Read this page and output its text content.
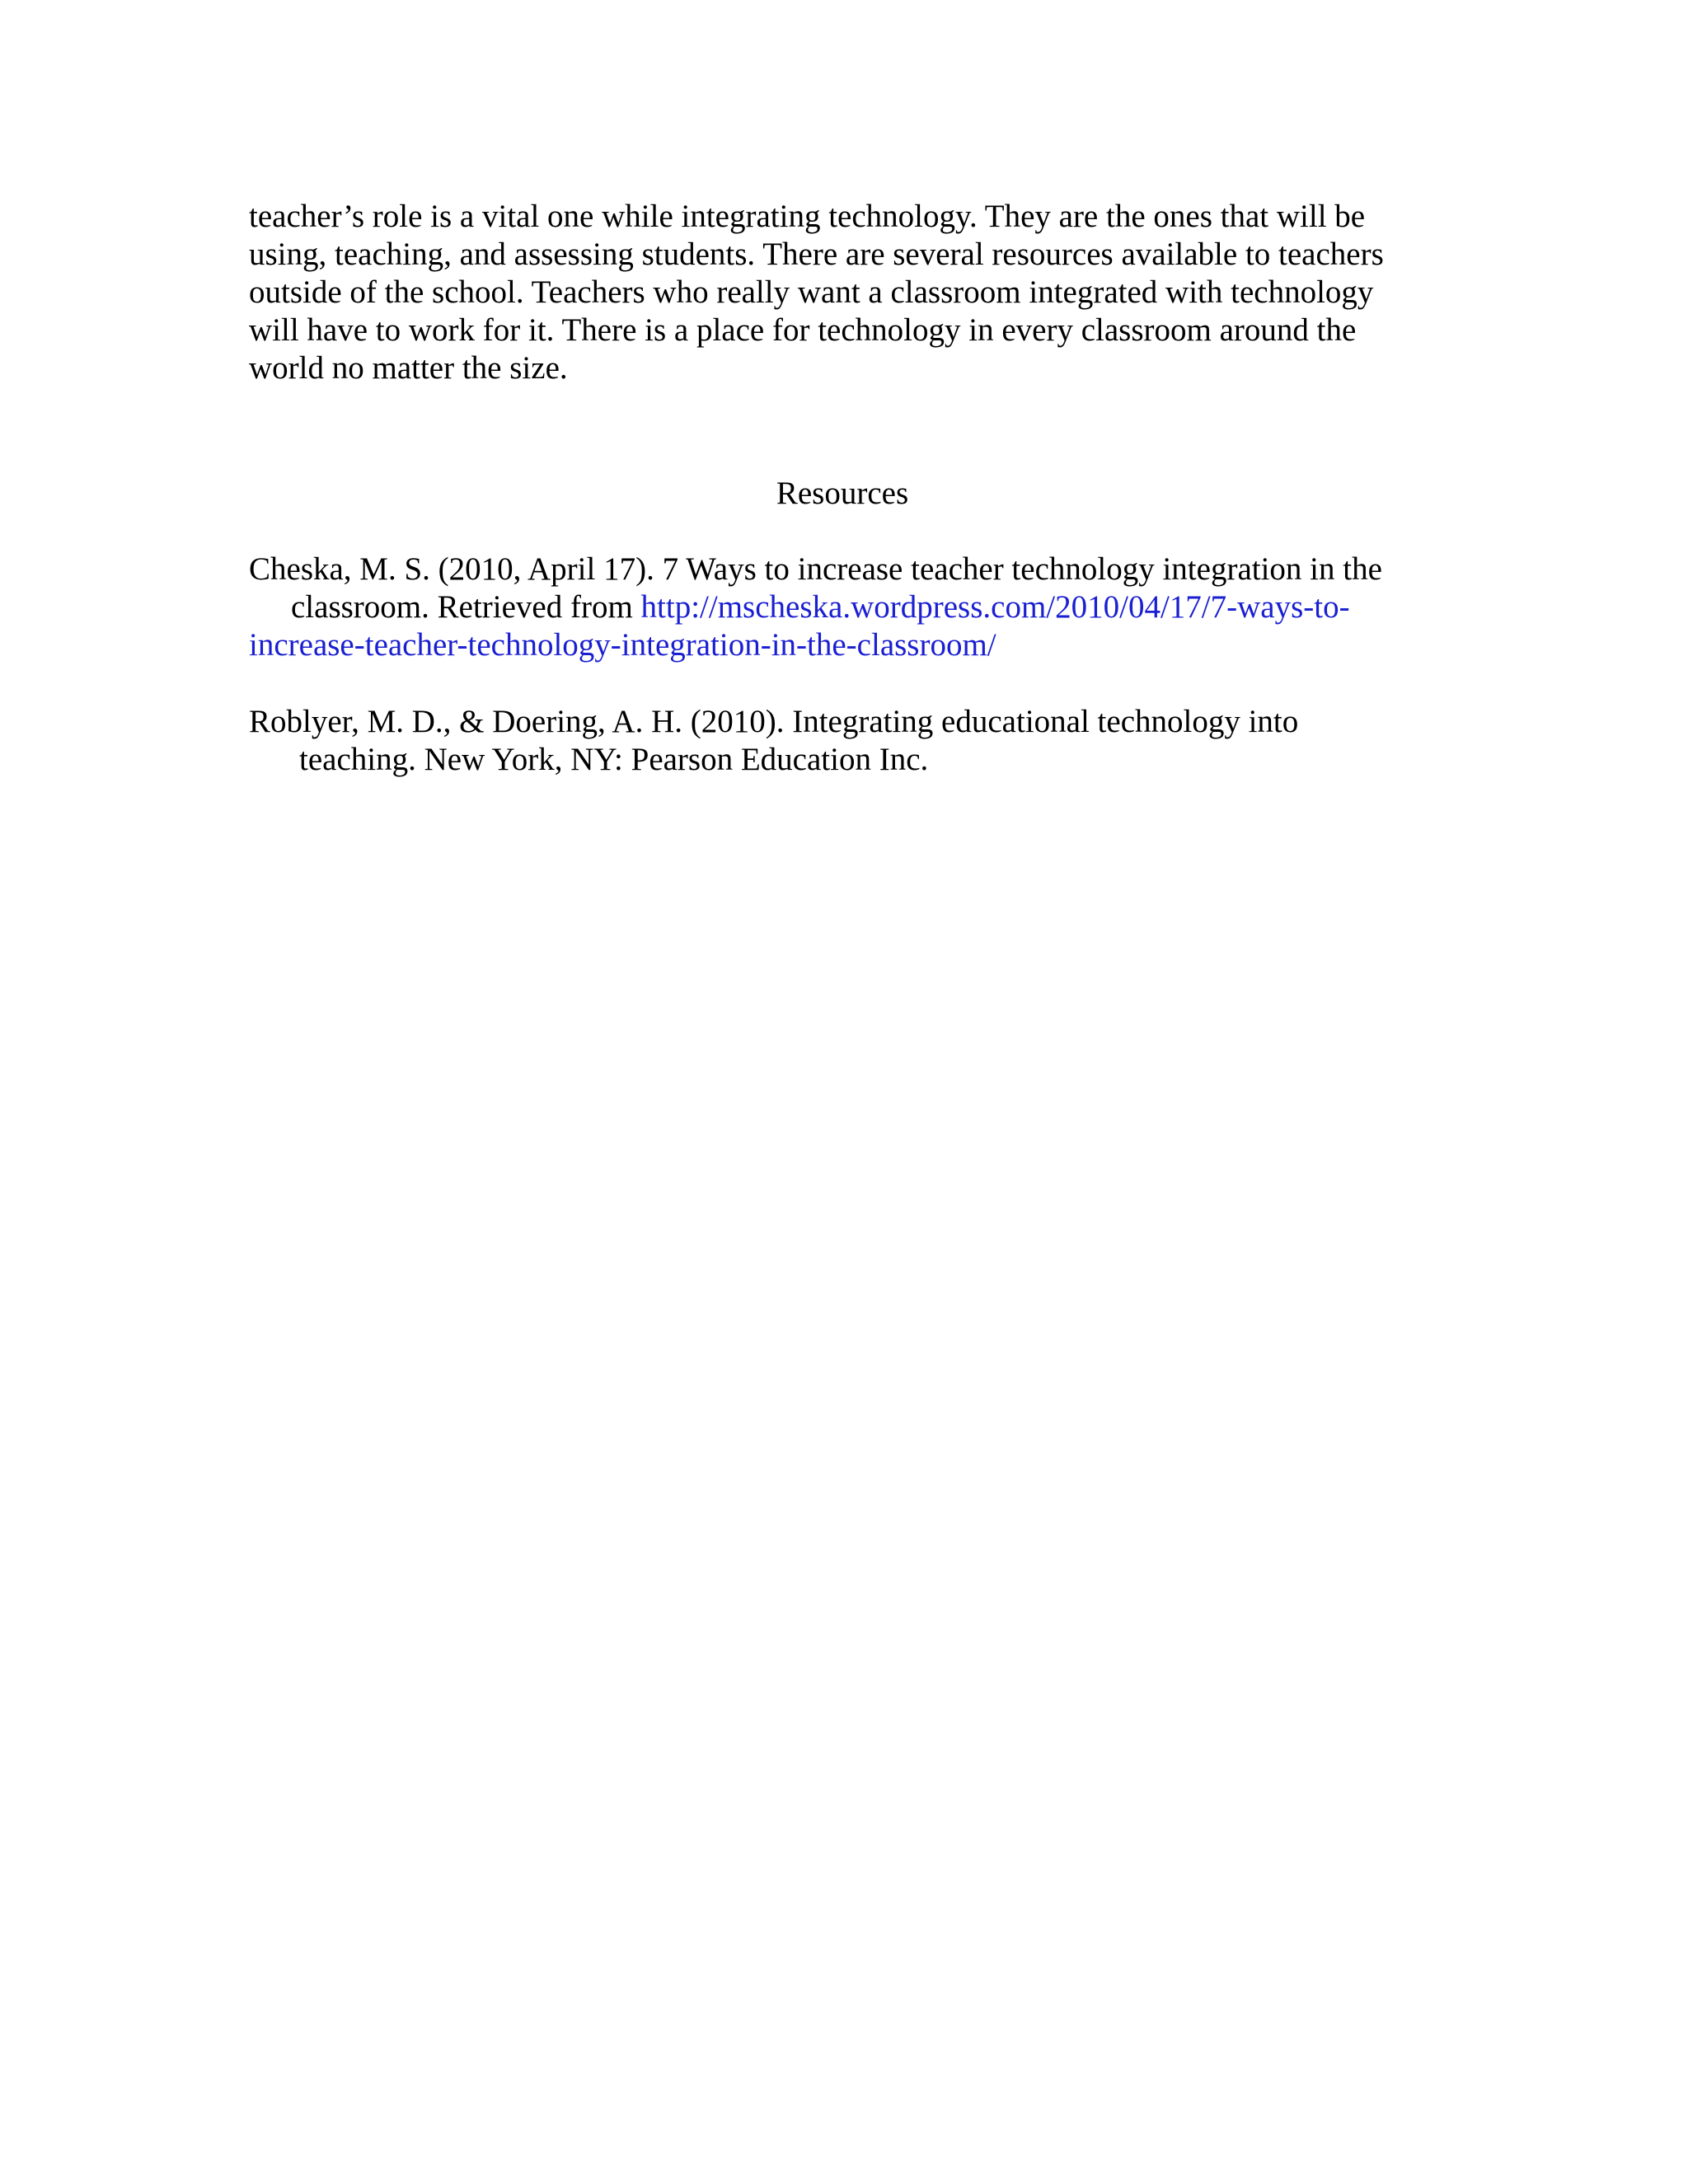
teacher’s role is a vital one while integrating technology. They are the ones that will be
using, teaching, and assessing students. There are several resources available to teachers
outside of the school. Teachers who really want a classroom integrated with technology
will have to work for it. There is a place for technology in every classroom around the
world no matter the size.

Resources

Cheska, M. S. (2010, April 17). 7 Ways to increase teacher technology integration in the
classroom. Retrieved from http://mscheska.wordpress.com/2010/04/17/7-ways-to-
increase-teacher-technology-integration-in-the-classroom/

Roblyer, M. D., & Doering, A. H. (2010). Integrating educational technology into
teaching. New York, NY: Pearson Education Inc.
